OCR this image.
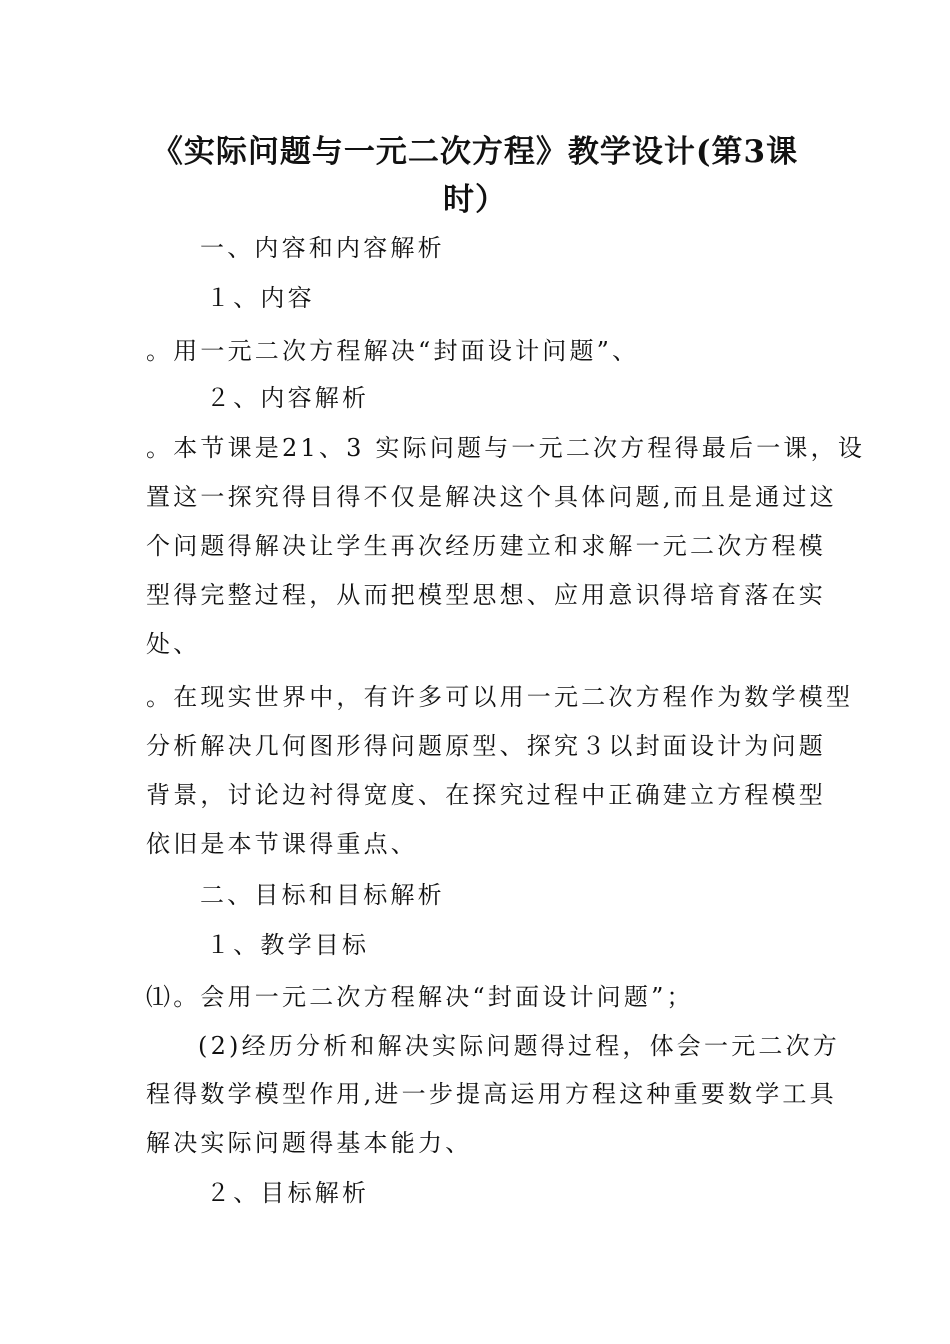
《实际问题与一元二次方程》教学设计(第3课
时）
一、内容和内容解析
１、内容
。用一元二次方程解决“封面设计问题”、
２、内容解析
。本节课是21、3 实际问题与一元二次方程得最后一课，设
置这一探究得目得不仅是解决这个具体问题,而且是通过这
个问题得解决让学生再次经历建立和求解一元二次方程模
型得完整过程，从而把模型思想、应用意识得培育落在实
处、
。在现实世界中，有许多可以用一元二次方程作为数学模型
分析解决几何图形得问题原型、探究３以封面设计为问题
背景，讨论边衬得宽度、在探究过程中正确建立方程模型
依旧是本节课得重点、
二、目标和目标解析
１、教学目标
⑴。会用一元二次方程解决“封面设计问题”；
(2)经历分析和解决实际问题得过程，体会一元二次方
程得数学模型作用,进一步提高运用方程这种重要数学工具
解决实际问题得基本能力、
２、目标解析
